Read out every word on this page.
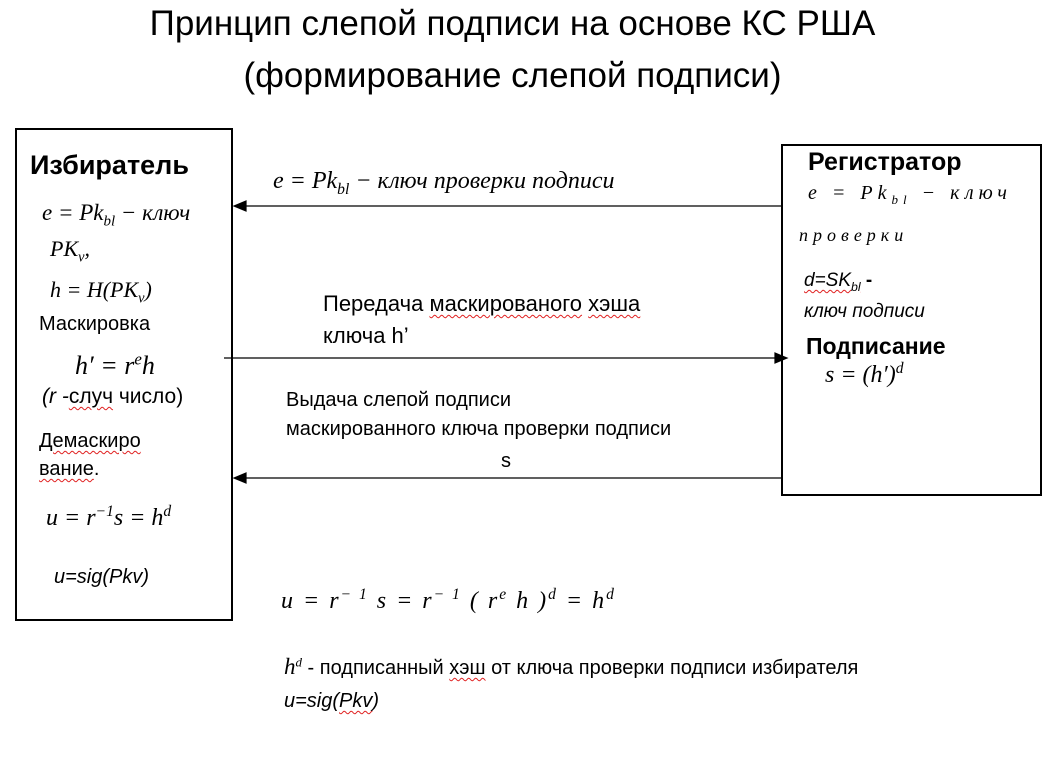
Принцип слепой подписи на основе КС РША
(формирование слепой подписи)
Избиратель
$e = Pk_{bl}$ − ключ
$PK_v$,
$h = H(PK_v)$
Маскировка
$h' = r^eh$
(r -случ число)
Демаскиро
вание.
$u = r^{-1}s = h^d$
u=sig(Pkv)
Регистратор
$e = Pk_{bl}$ − ключ
проверки
$d=SK_{bl}$ -
ключ подписи
Подписание
$s = (h')^d$
$e = Pk_{bl}$ − ключ проверки подписи
Передача маскированого хэша
ключа h’
Выдача слепой подписи
маскированного ключа проверки подписи
s
$u = r^{- 1}$ $s = r^{- 1}$ ( $r^e$ h )$^d = h^d$
$h^d$ - подписанный хэш от ключа проверки подписи избирателя
u=sig(Pkv)
